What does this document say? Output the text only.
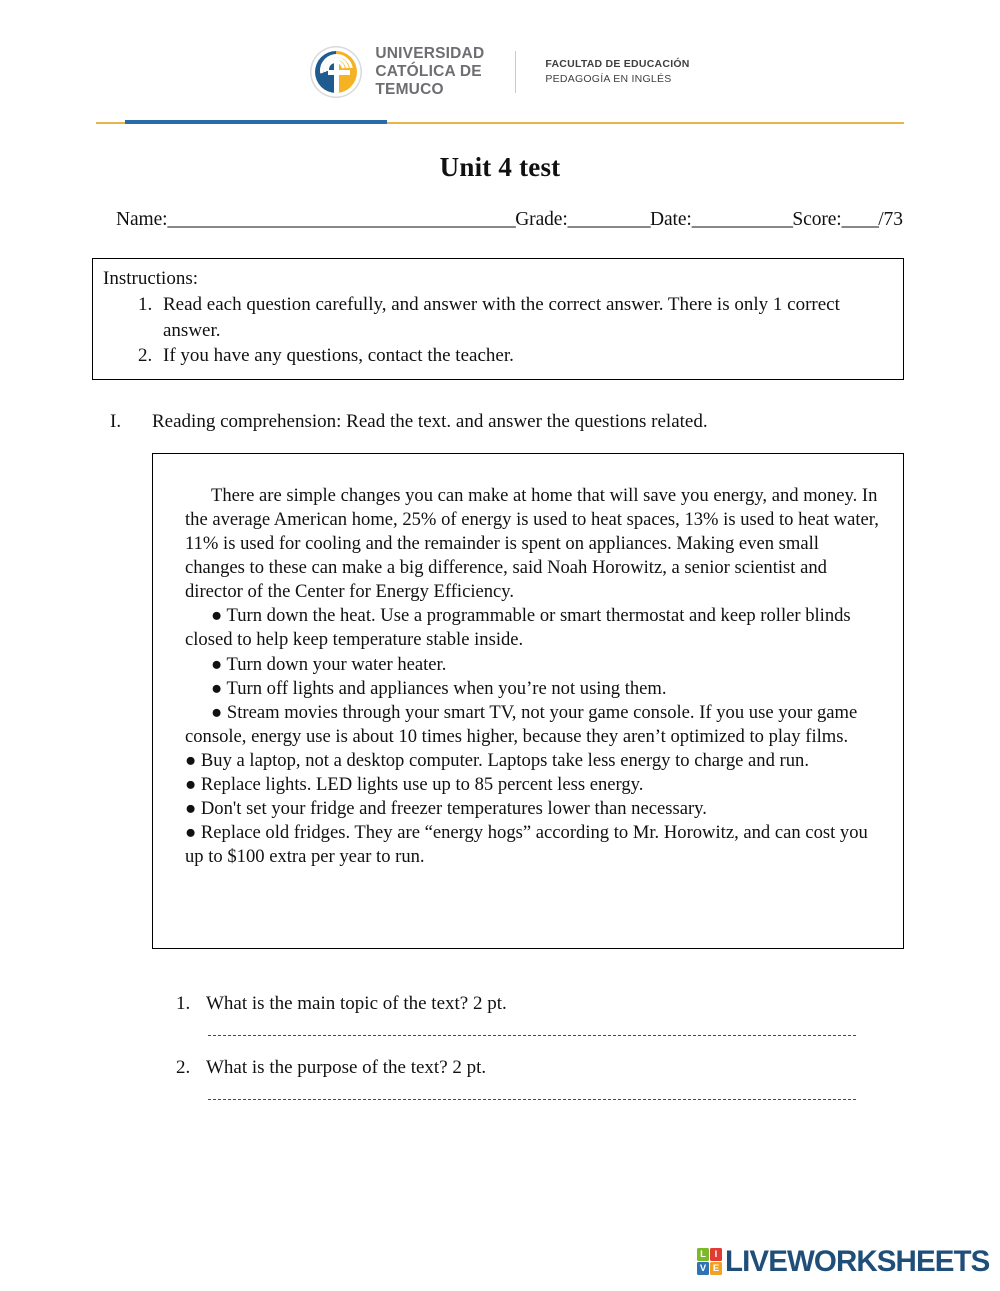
UNIVERSIDAD
CATÓLICA DE
TEMUCO
FACULTAD DE EDUCACIÓN
PEDAGOGÍA EN INGLÉS
Unit 4 test
Name:______________________________________Grade:_________Date:___________Score:____/73
Instructions:
1. Read each question carefully, and answer with the correct answer. There is only 1 correct answer.
2. If you have any questions, contact the teacher.
I.	Reading comprehension: Read the text. and answer the questions related.

There are simple changes you can make at home that will save you energy, and money. In the average American home, 25% of energy is used to heat spaces, 13% is used to heat water, 11% is used for cooling and the remainder is spent on appliances. Making even small changes to these can make a big difference, said Noah Horowitz, a senior scientist and director of the Center for Energy Efficiency.

● Turn down the heat. Use a programmable or smart thermostat and keep roller blinds closed to help keep temperature stable inside.

● Turn down your water heater.

● Turn off lights and appliances when you’re not using them.

● Stream movies through your smart TV, not your game console. If you use your game console, energy use is about 10 times higher, because they aren’t optimized to play films.

● Buy a laptop, not a desktop computer. Laptops take less energy to charge and run.

● Replace lights. LED lights use up to 85 percent less energy.

● Don't set your fridge and freezer temperatures lower than necessary.

● Replace old fridges. They are “energy hogs” according to Mr. Horowitz, and can cost you up to $100 extra per year to run.

1. What is the main topic of the text? 2 pt.
2. What is the purpose of the text? 2 pt.
L I
V E LIVEWORKSHEETS
